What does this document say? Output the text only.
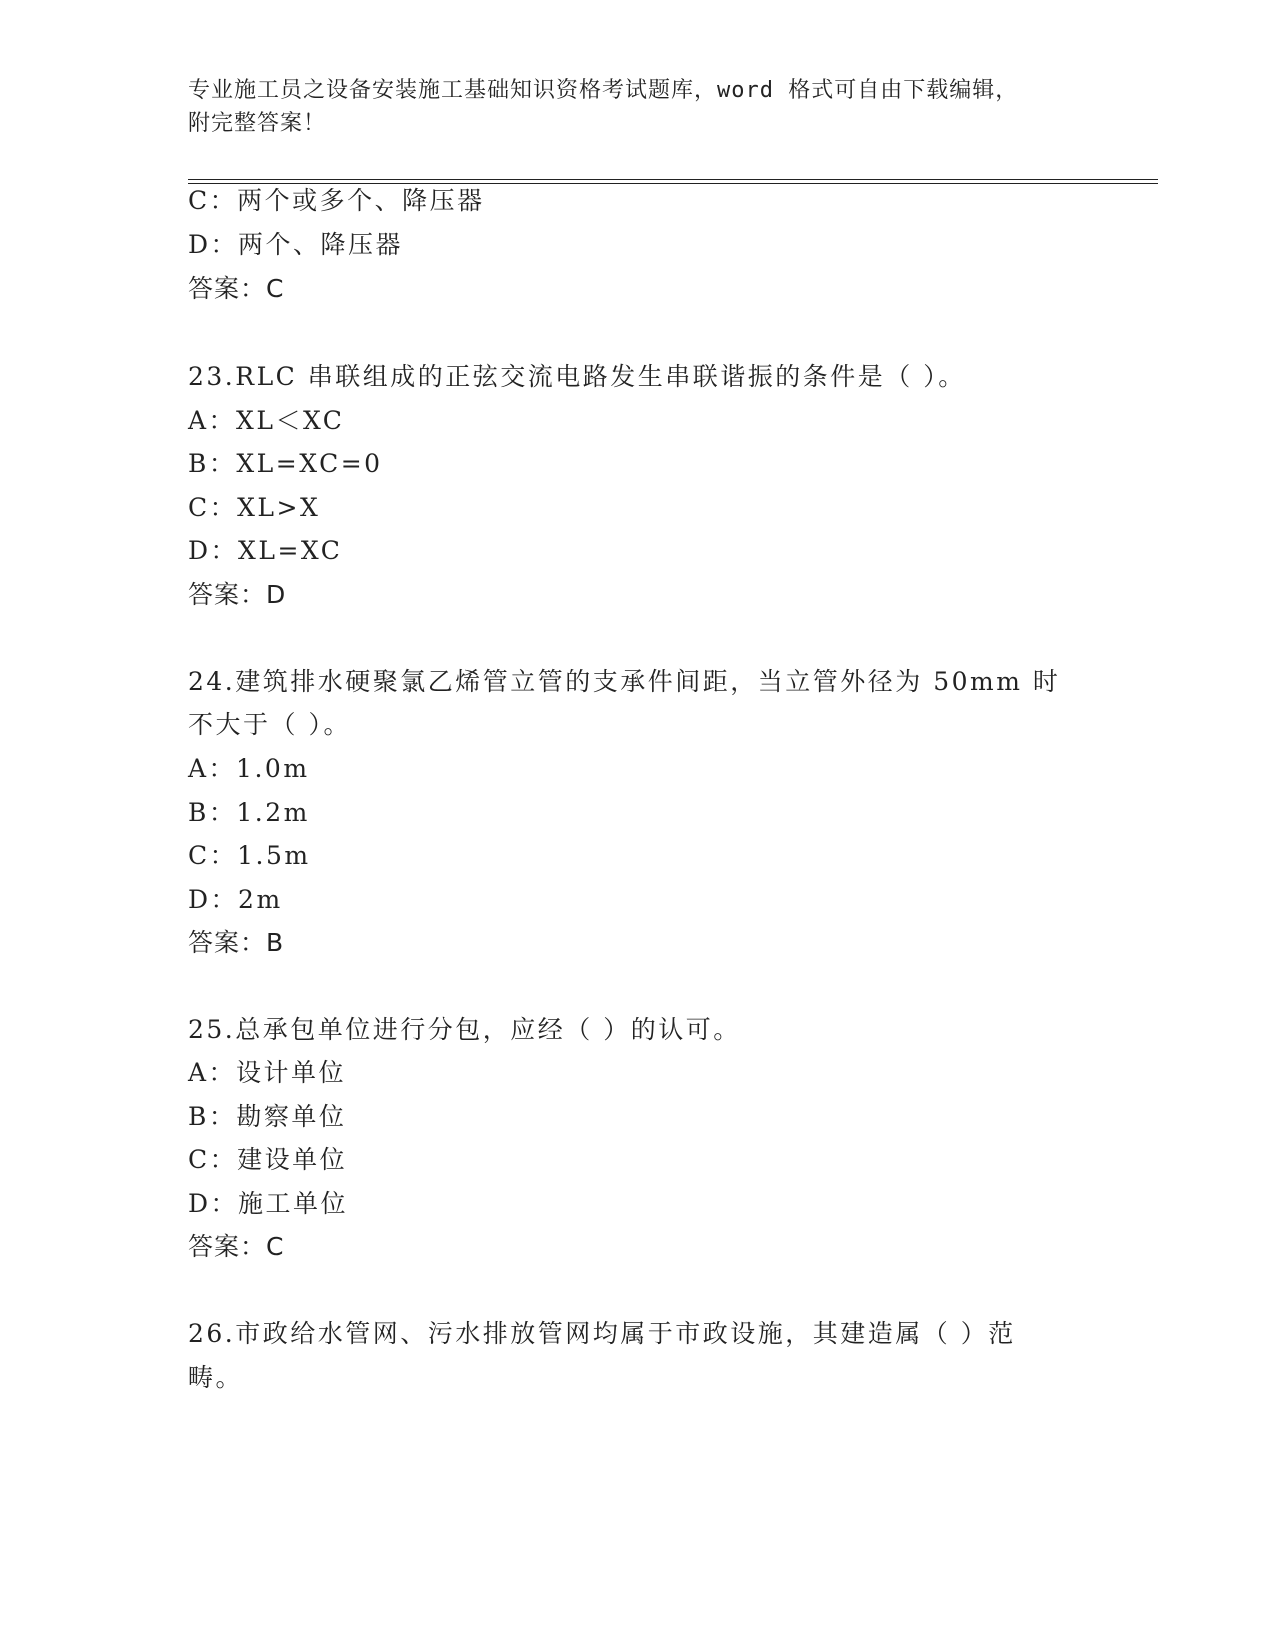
专业施工员之设备安装施工基础知识资格考试题库，word 格式可自由下载编辑，
附完整答案！
C：两个或多个、降压器
D：两个、降压器
答案：C
23.RLC 串联组成的正弦交流电路发生串联谐振的条件是（ ）。
A：XL＜XC
B：XL=XC=0
C：XL>X
D：XL=XC
答案：D
24.建筑排水硬聚氯乙烯管立管的支承件间距，当立管外径为 50mm 时
不大于（ ）。
A：1.0m
B：1.2m
C：1.5m
D：2m
答案：B
25.总承包单位进行分包，应经（ ）的认可。
A：设计单位
B：勘察单位
C：建设单位
D：施工单位
答案：C
26.市政给水管网、污水排放管网均属于市政设施，其建造属（ ）范
畴。
